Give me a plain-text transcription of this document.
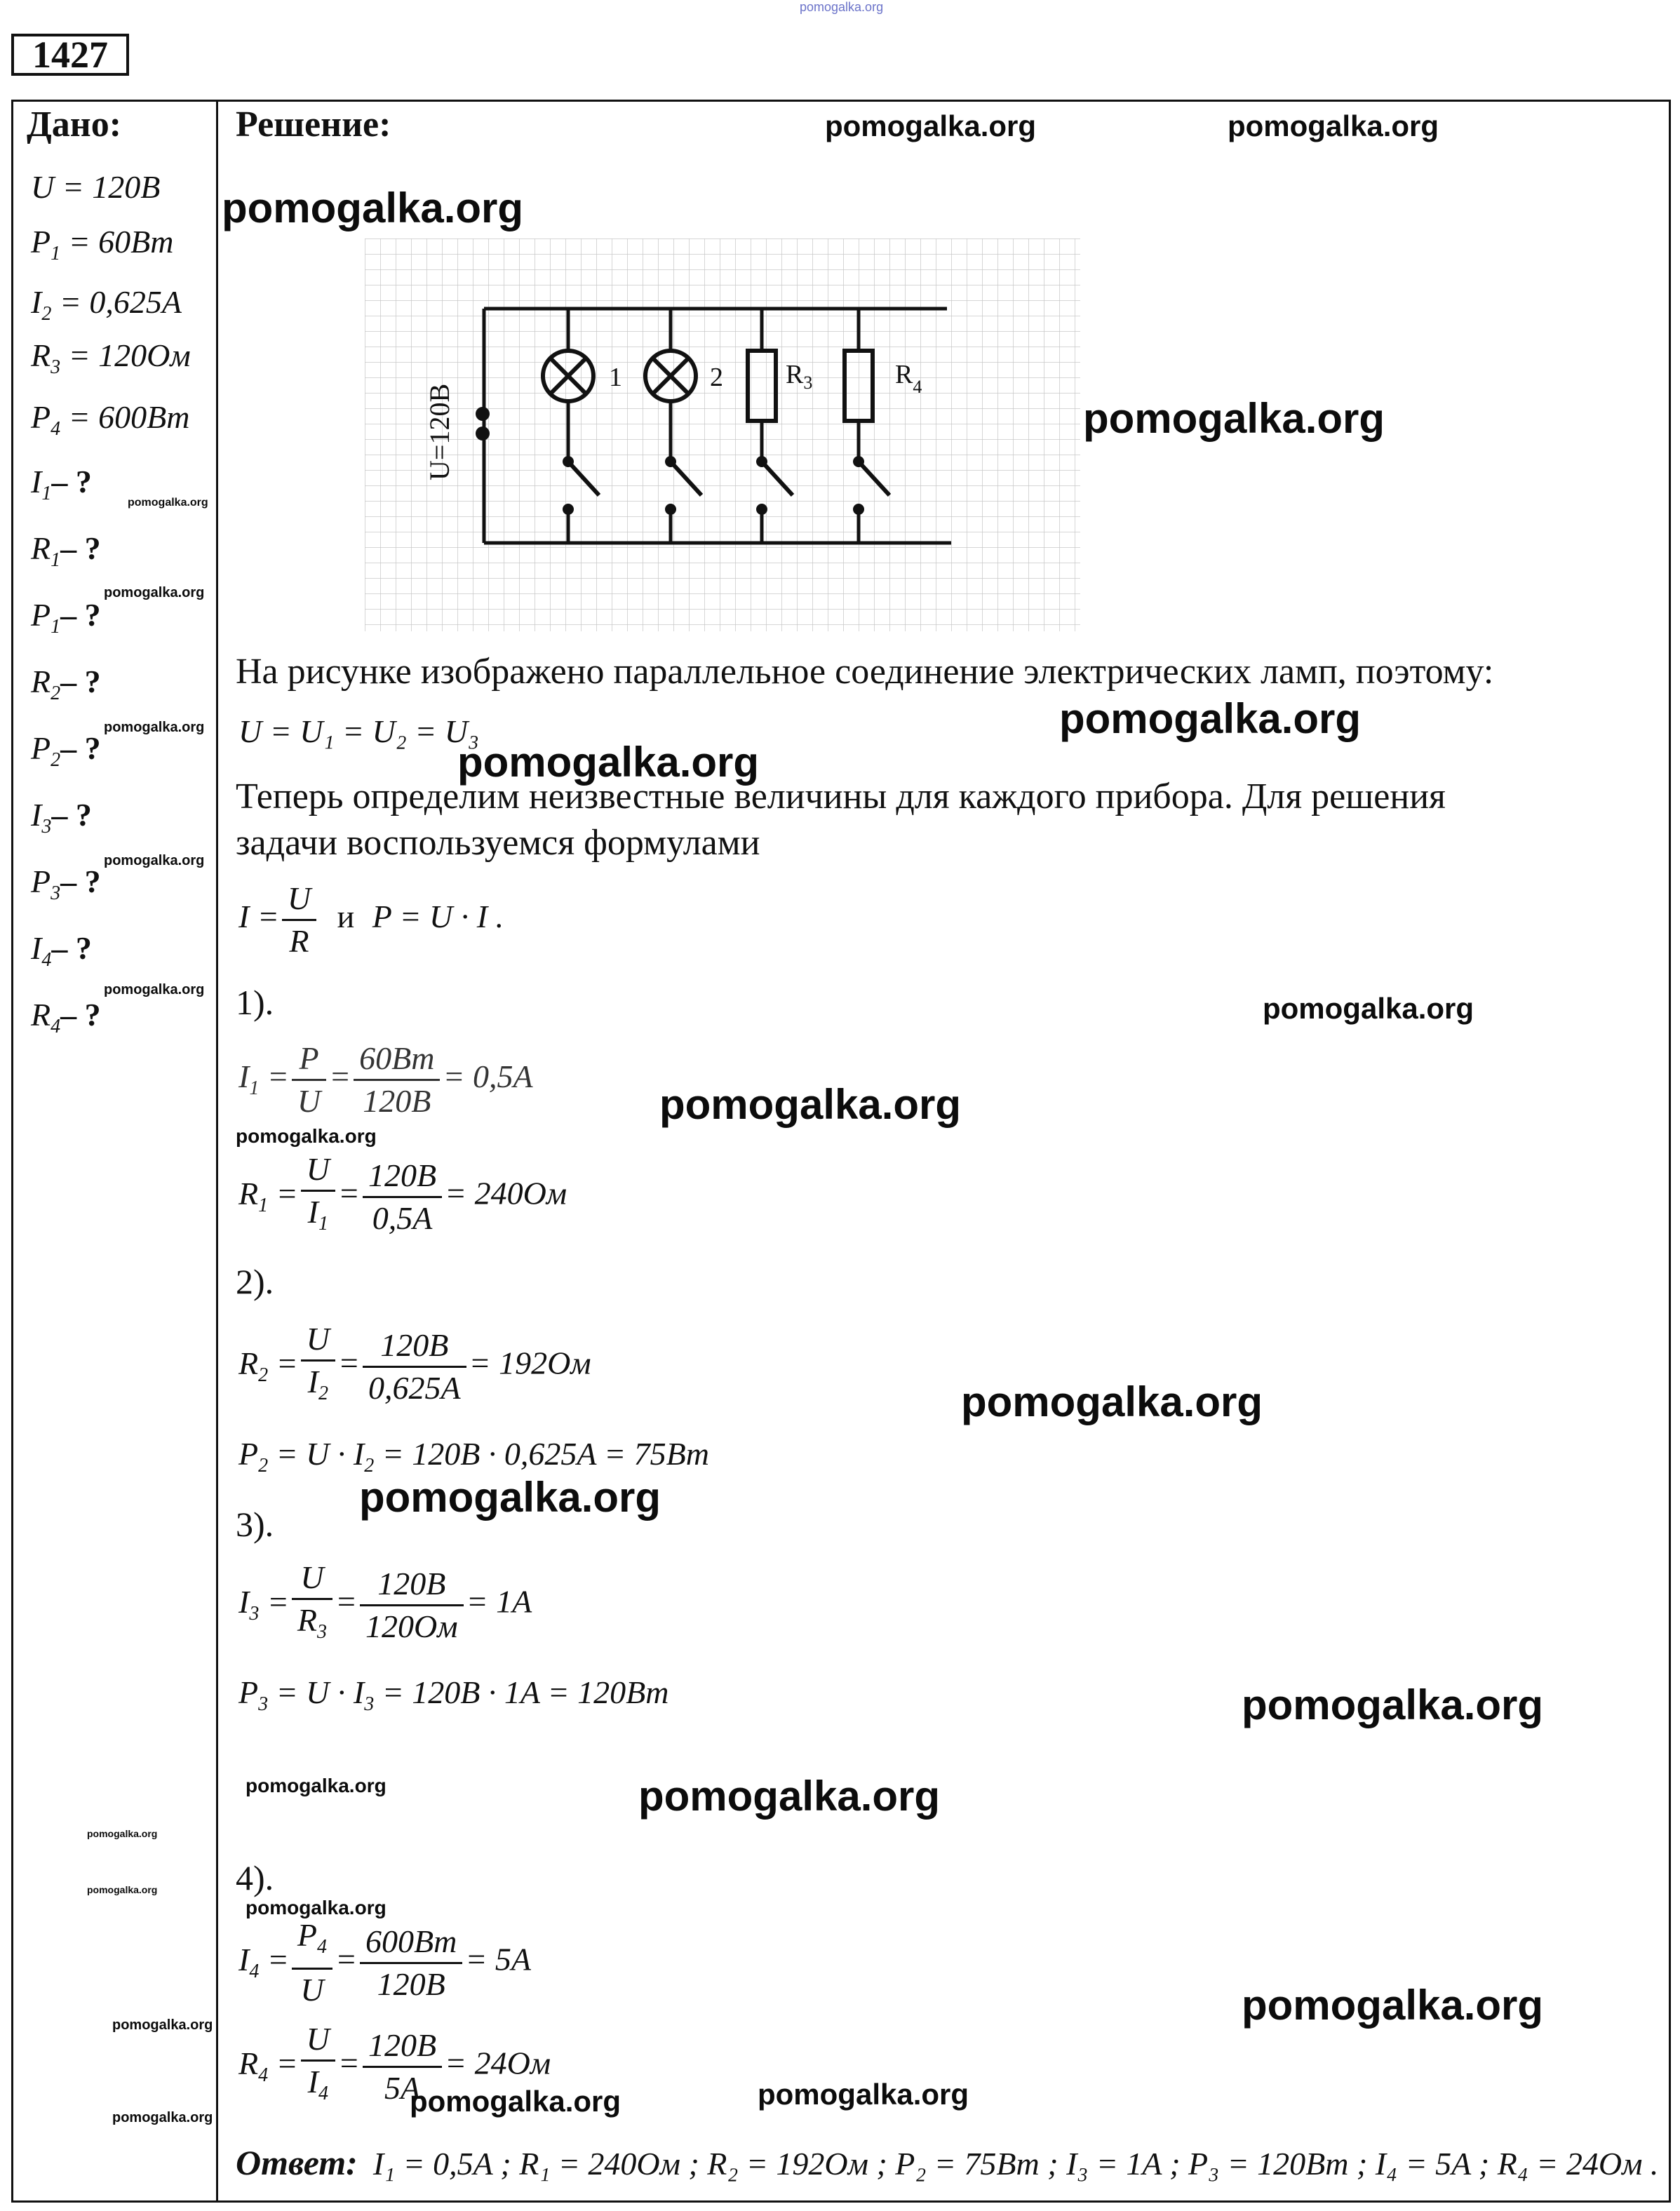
pomogalka.org
1427
Дано:
U = 120B
$P_1 = 60Bm$
$I_2 = 0,625A$
$R_3 = 120Ом$
$P_4 = 600Bm$
$I_1-$ ?
$R_1-$ ?
$P_1-$ ?
$R_2-$ ?
$P_2-$ ?
$I_3-$ ?
$P_3-$ ?
$I_4-$ ?
$R_4-$ ?
Решение:	pomogalka.org	pomogalka.org
pomogalka.org
pomogalka.org
U=120B
1	2 $R_3$	$R_4$
На рисунке изображено параллельное соединение электрических ламп, поэтому:
U = U₁ = U₂ = U₃	pomogalka.org
pomogalka.org
Теперь определим неизвестные величины для каждого прибора. Для решения
задачи воспользуемся формулами
$I = \frac{U}{R}$ и P = U · I .
1).	pomogalka.org
$I_1 = \frac{P}{U} = \frac{60Bm}{120B} = 0,5A$
pomogalka.org
pomogalka.org
$R_1 = \frac{U}{I_1} = \frac{120B}{0,5A} = 240Ом$
2).
$R_2 = \frac{U}{I_2} = \frac{120B}{0,625A} = 192Ом$
pomogalka.org
$P_2 = U \cdot I_2 = 120B \cdot 0,625A = 75Bm$
pomogalka.org
3).
$I_3 = \frac{U}{R_3} = \frac{120B}{120Ом} = 1A$
$P_3 = U \cdot I_3 = 120B \cdot 1A = 120Bm$	pomogalka.org
pomogalka.org	pomogalka.org
4).
pomogalka.org
$I_4 = \frac{P_4}{U} = \frac{600Bm}{120B} = 5A$
pomogalka.org
$R_4 = \frac{U}{I_4} = \frac{120B}{5A} = 24Ом$
pomogalka.org	pomogalka.org
pomogalka.org
pomogalka.org
pomogalka.org
pomogalka.org
pomogalka.org
pomogalka.org
pomogalka.org
pomogalka.org
pomogalka.org
Ответ: I₁ = 0,5A ; R₁ = 240Ом ; R₂ = 192Ом ; P₂ = 75Bm ; I₃ = 1A ; P₃ = 120Bm ; I₄ = 5A ; R₄ = 24Ом .
